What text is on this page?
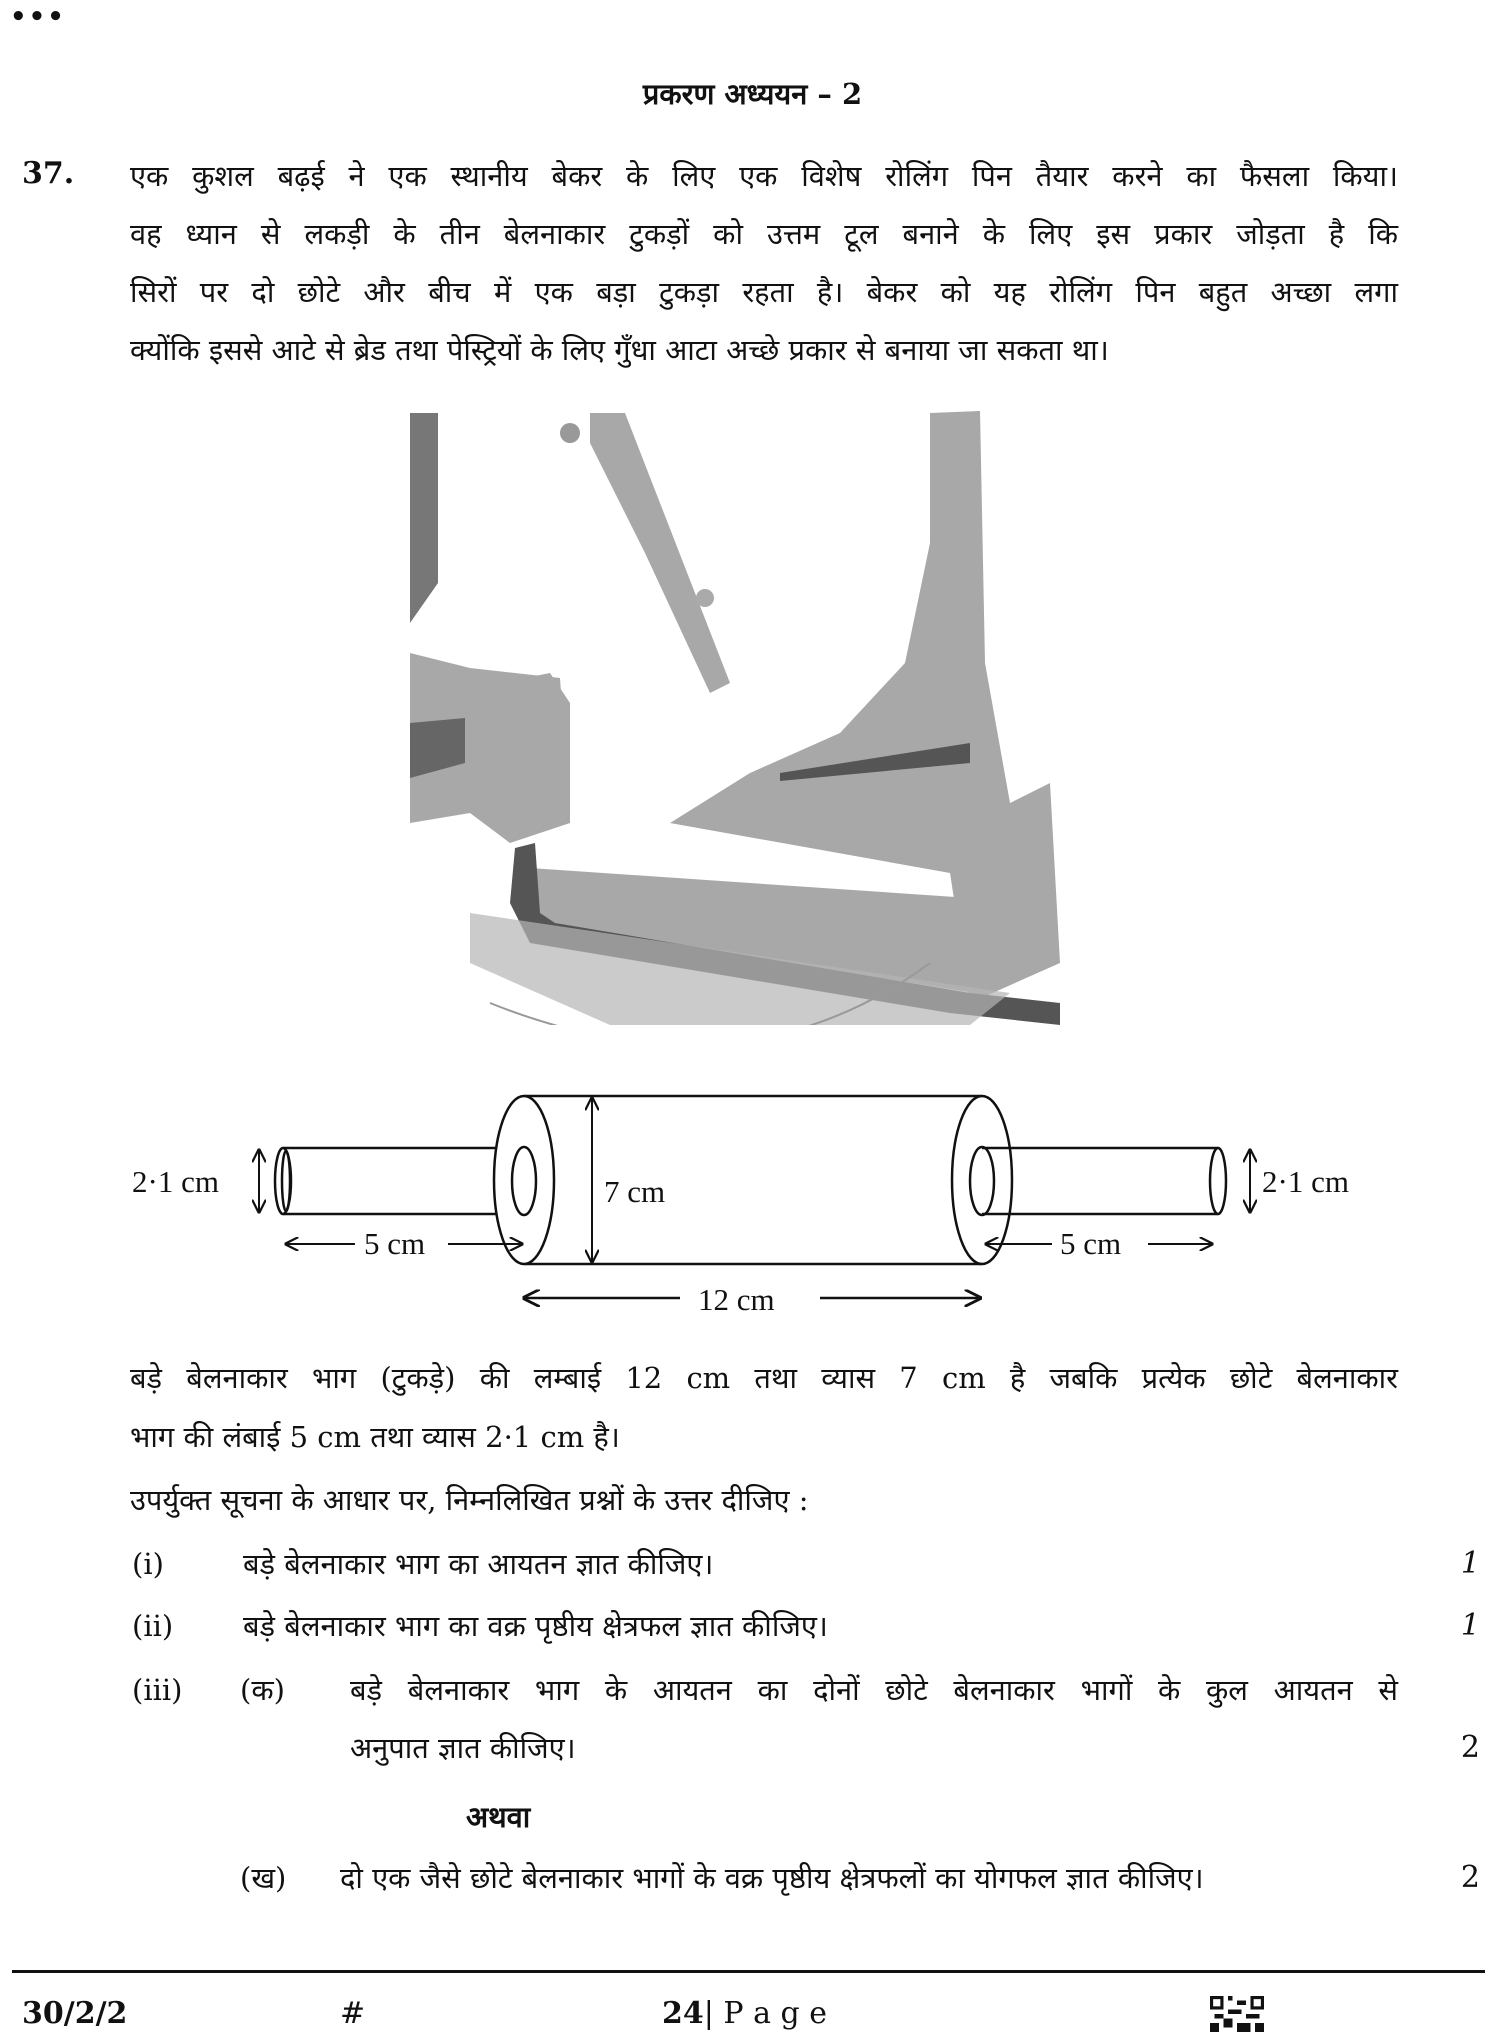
•••
प्रकरण अध्ययन – 2
37. एक कुशल बढ़ई ने एक स्थानीय बेकर के लिए एक विशेष रोलिंग पिन तैयार करने का फैसला किया।
वह ध्यान से लकड़ी के तीन बेलनाकार टुकड़ों को उत्तम टूल बनाने के लिए इस प्रकार जोड़ता है कि
सिरों पर दो छोटे और बीच में एक बड़ा टुकड़ा रहता है। बेकर को यह रोलिंग पिन बहुत अच्छा लगा
क्योंकि इससे आटे से ब्रेड तथा पेस्ट्रियों के लिए गुँधा आटा अच्छे प्रकार से बनाया जा सकता था।
2·1 cm	2·1 cm
7 cm
5 cm	5 cm
12 cm
बड़े बेलनाकार भाग (टुकड़े) की लम्बाई 12 cm तथा व्यास 7 cm है जबकि प्रत्येक छोटे बेलनाकार
भाग की लंबाई 5 cm तथा व्यास 2·1 cm है।
उपर्युक्त सूचना के आधार पर, निम्नलिखित प्रश्नों के उत्तर दीजिए :
(i)	बड़े बेलनाकार भाग का आयतन ज्ञात कीजिए।	1
(ii) बड़े बेलनाकार भाग का वक्र पृष्ठीय क्षेत्रफल ज्ञात कीजिए।	1
(iii) (क) बड़े बेलनाकार भाग के आयतन का दोनों छोटे बेलनाकार भागों के कुल आयतन से
अनुपात ज्ञात कीजिए।	2
अथवा
(ख) दो एक जैसे छोटे बेलनाकार भागों के वक्र पृष्ठीय क्षेत्रफलों का योगफल ज्ञात कीजिए।	2
30/2/2	#	24| P a g e
